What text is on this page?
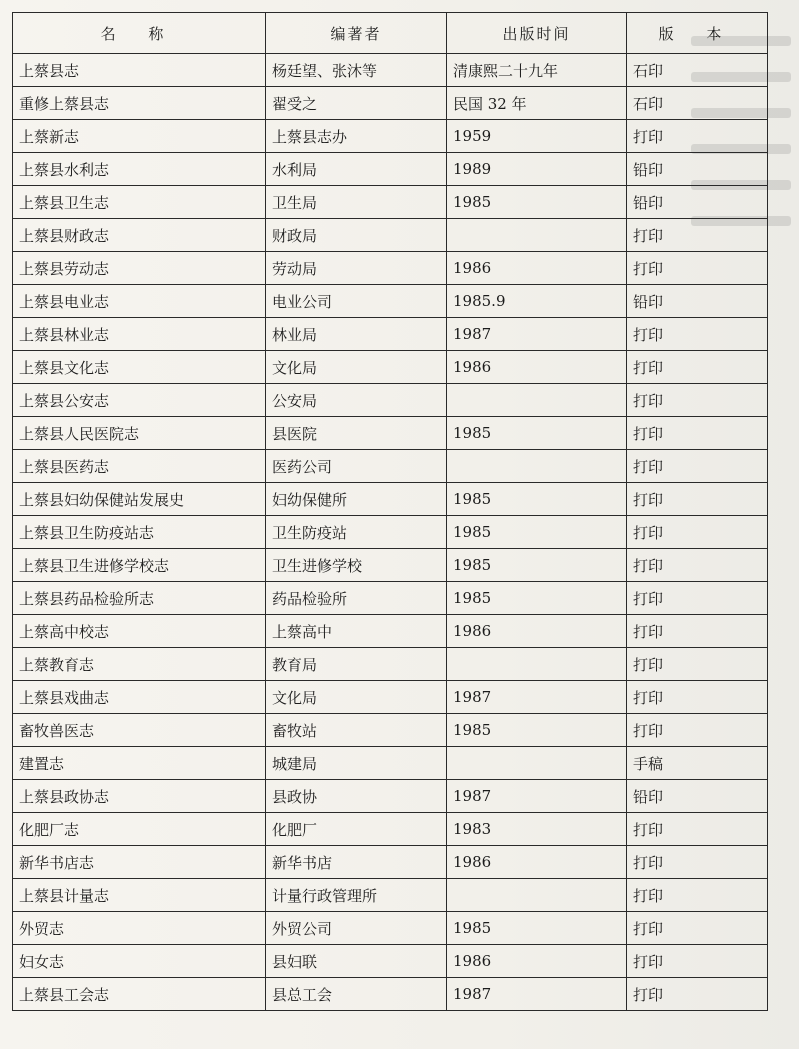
名 称	编著者	出版时间	版 本
上蔡县志	杨廷望、张沐等	清康熙二十九年	石印
重修上蔡县志	翟受之	民国 32 年	石印
上蔡新志	上蔡县志办	1959	打印
上蔡县水利志	水利局	1989	铅印
上蔡县卫生志	卫生局	1985	铅印
上蔡县财政志	财政局		打印
上蔡县劳动志	劳动局	1986	打印
上蔡县电业志	电业公司	1985.9	铅印
上蔡县林业志	林业局	1987	打印
上蔡县文化志	文化局	1986	打印
上蔡县公安志	公安局		打印
上蔡县人民医院志	县医院	1985	打印
上蔡县医药志	医药公司		打印
上蔡县妇幼保健站发展史	妇幼保健所	1985	打印
上蔡县卫生防疫站志	卫生防疫站	1985	打印
上蔡县卫生进修学校志	卫生进修学校	1985	打印
上蔡县药品检验所志	药品检验所	1985	打印
上蔡高中校志	上蔡高中	1986	打印
上蔡教育志	教育局		打印
上蔡县戏曲志	文化局	1987	打印
畜牧兽医志	畜牧站	1985	打印
建置志	城建局		手稿
上蔡县政协志	县政协	1987	铅印
化肥厂志	化肥厂	1983	打印
新华书店志	新华书店	1986	打印
上蔡县计量志	计量行政管理所		打印
外贸志	外贸公司	1985	打印
妇女志	县妇联	1986	打印
上蔡县工会志	县总工会	1987	打印
